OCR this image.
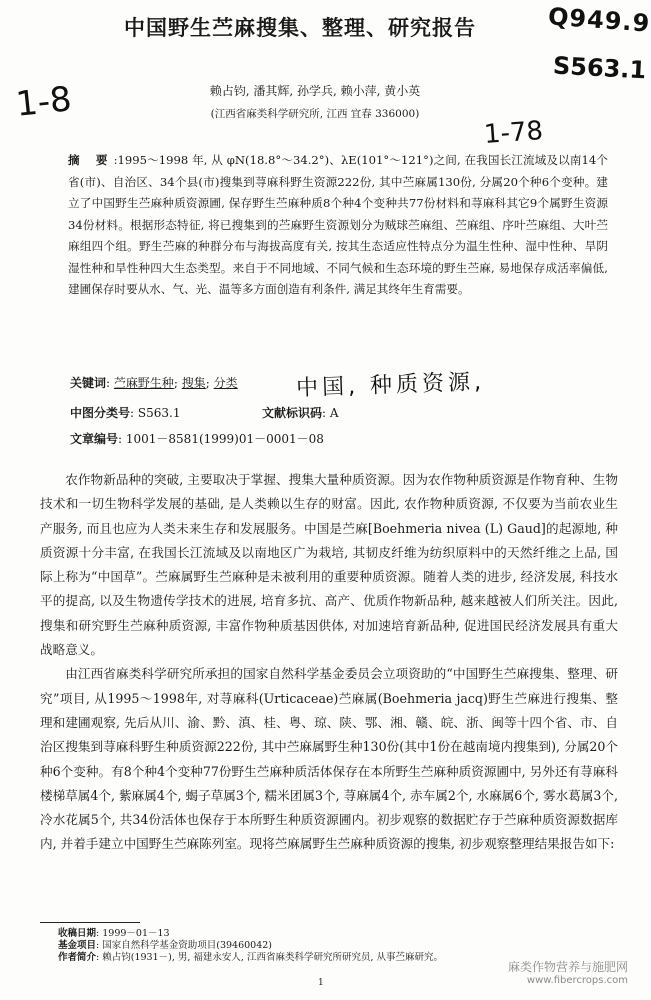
Q949.9
S563.1
1-8
1-78
中国野生苎麻搜集、整理、研究报告
赖占钧, 潘其辉, 孙学兵, 赖小萍, 黄小英
(江西省麻类科学研究所, 江西 宜春 336000)
摘 要:1995～1998 年, 从 φN(18.8°～34.2°)、λE(101°～121°)之间, 在我国长江流域及以南14个省(市)、自治区、34个县(市)搜集到荨麻科野生资源222份, 其中苎麻属130份, 分属20个种6个变种。建立了中国野生苎麻种质资源圃, 保存野生苎麻种质8个种4个变种共77份材料和荨麻科其它9个属野生资源34份材料。根据形态特征, 将已搜集到的苎麻野生资源划分为贼球苎麻组、苎麻组、序叶苎麻组、大叶苎麻组四个组。野生苎麻的种群分布与海拔高度有关, 按其生态适应性特点分为温生性种、湿中性种、旱阴湿性种和旱性种四大生态类型。来自于不同地域、不同气候和生态环境的野生苎麻, 易地保存成活率偏低, 建圃保存时要从水、气、光、温等多方面创造有利条件, 满足其终年生育需要。
关键词: 苎麻野生种; 搜集; 分类	中国, 种质资源,
中图分类号: S563.1	文献标识码: A
文章编号: 1001－8581(1999)01－0001－08

农作物新品种的突破, 主要取决于掌握、搜集大量种质资源。因为农作物种质资源是作物育种、生物技术和一切生物科学发展的基础, 是人类赖以生存的财富。因此, 农作物种质资源, 不仅要为当前农业生产服务, 而且也应为人类未来生存和发展服务。中国是苎麻[Boehmeria nivea (L) Gaud]的起源地, 种质资源十分丰富, 在我国长江流域及以南地区广为栽培, 其韧皮纤维为纺织原料中的天然纤维之上品, 国际上称为“中国草”。苎麻属野生苎麻种是未被利用的重要种质资源。随着人类的进步, 经济发展, 科技水平的提高, 以及生物遗传学技术的进展, 培育多抗、高产、优质作物新品种, 越来越被人们所关注。因此, 搜集和研究野生苎麻种质资源, 丰富作物种质基因供体, 对加速培育新品种, 促进国民经济发展具有重大战略意义。

由江西省麻类科学研究所承担的国家自然科学基金委员会立项资助的“中国野生苎麻搜集、整理、研究”项目, 从1995～1998年, 对荨麻科(Urticaceae)苎麻属(Boehmeria jacq)野生苎麻进行搜集、整理和建圃观察, 先后从川、渝、黔、滇、桂、粤、琼、陕、鄂、湘、赣、皖、浙、闽等十四个省、市、自治区搜集到荨麻科野生种质资源222份, 其中苎麻属野生种130份(其中1份在越南境内搜集到), 分属20个种6个变种。有8个种4个变种77份野生苎麻种质活体保存在本所野生苎麻种质资源圃中, 另外还有荨麻科楼梯草属4个, 紫麻属4个, 蝎子草属3个, 糯米团属3个, 荨麻属4个, 赤车属2个, 水麻属6个, 雾水葛属3个, 冷水花属5个, 共34份活体也保存于本所野生种质资源圃内。初步观察的数据贮存于苎麻种质资源数据库内, 并着手建立中国野生苎麻陈列室。现将苎麻属野生苎麻种质资源的搜集, 初步观察整理结果报告如下:

收稿日期: 1999－01－13
基金项目: 国家自然科学基金资助项目(39460042)
作者简介: 赖占钧(1931－), 男, 福建永安人, 江西省麻类科学研究所研究员, 从事苎麻研究。
1
麻类作物营养与施肥网
www.fibercrops.com
